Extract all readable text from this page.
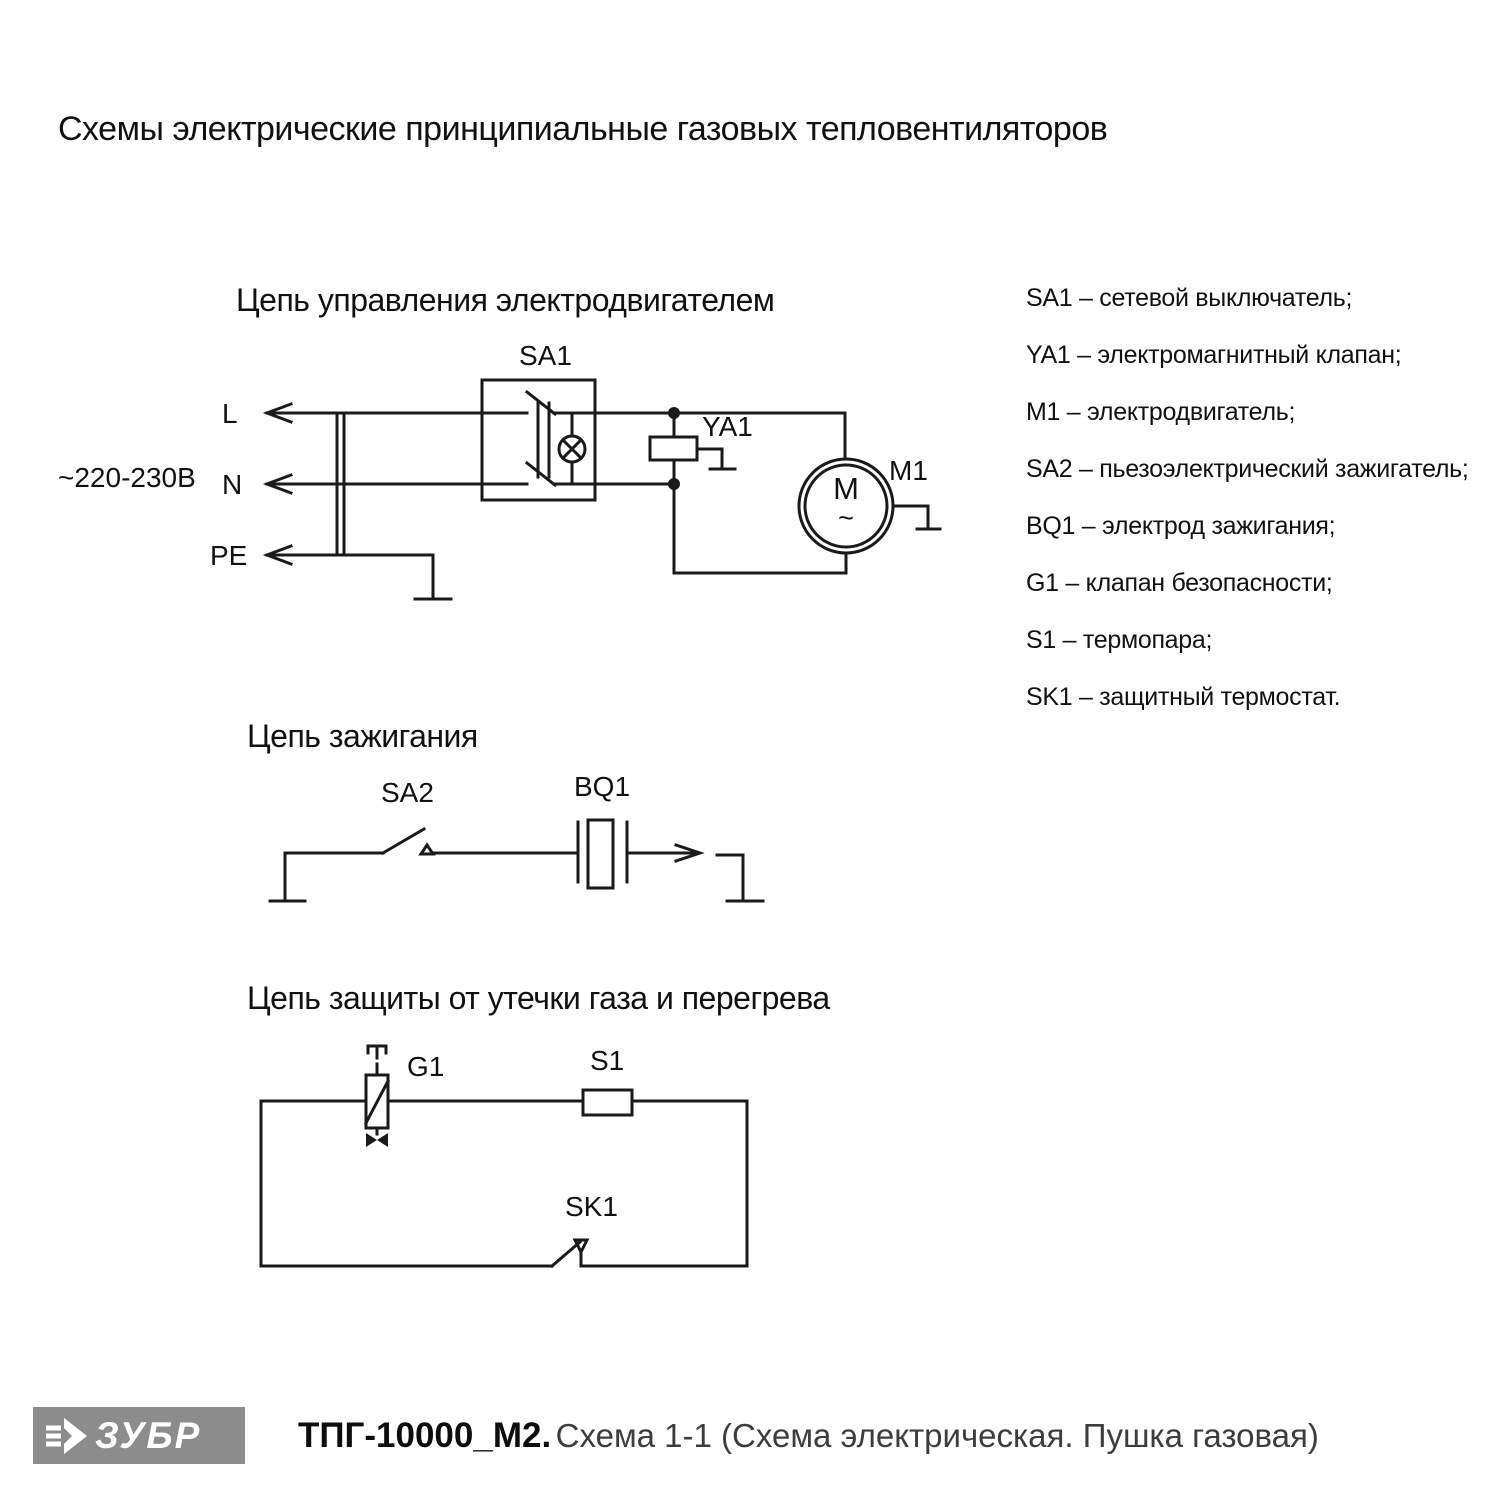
Схемы электрические принципиальные газовых тепловентиляторов
Цепь управления электродвигателем
Цепь зажигания
Цепь защиты от утечки газа и перегрева
~220-230В
L
N
PE
SA1
YA1
M1
M
~
SA2	BQ1
G1	S1
SK1
SA1 – сетевой выключатель;
YA1 – электромагнитный клапан;
M1 – электродвигатель;
SA2 – пьезоэлектрический зажигатель;
BQ1 – электрод зажигания;
G1 – клапан безопасности;
S1 – термопара;
SK1 – защитный термостат.
ЗУБР	ТПГ-10000_М2. Схема 1-1 (Схема электрическая. Пушка газовая)
